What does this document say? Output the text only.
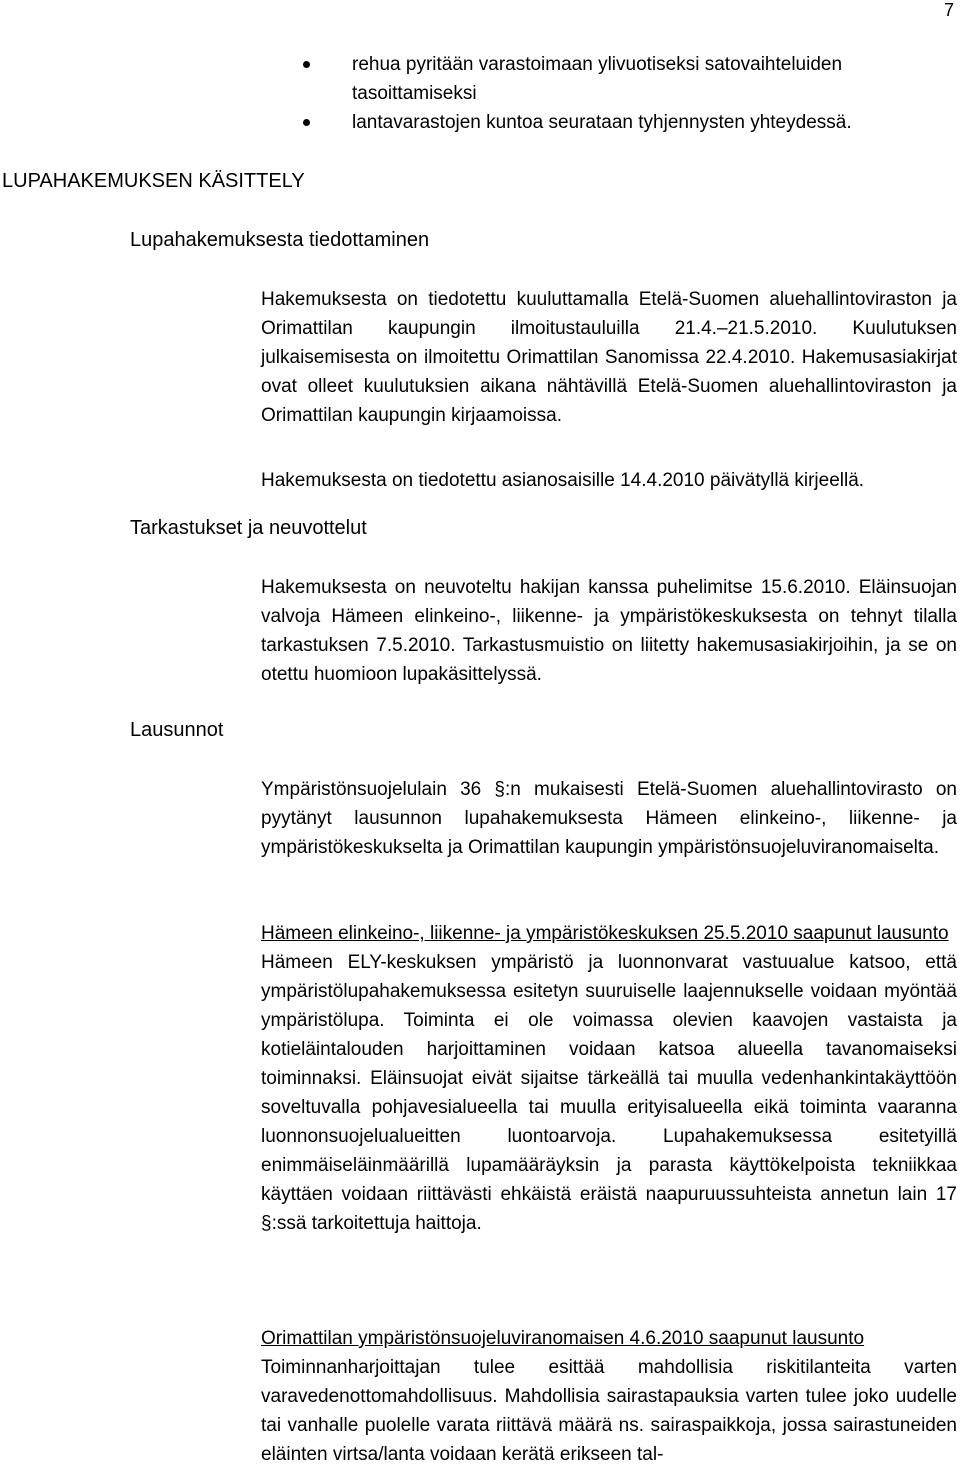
7
rehua pyritään varastoimaan ylivuotiseksi satovaihteluiden tasoittamiseksi
lantavarastojen kuntoa seurataan tyhjennysten yhteydessä.
LUPAHAKEMUKSEN KÄSITTELY
Lupahakemuksesta tiedottaminen

Hakemuksesta on tiedotettu kuuluttamalla Etelä-Suomen aluehallintoviraston ja Orimattilan kaupungin ilmoitustauluilla 21.4.–21.5.2010. Kuulutuksen julkaisemisesta on ilmoitettu Orimattilan Sanomissa 22.4.2010. Hakemusasiakirjat ovat olleet kuulutuksien aikana nähtävillä Etelä-Suomen aluehallintoviraston ja Orimattilan kaupungin kirjaamoissa.

Hakemuksesta on tiedotettu asianosaisille 14.4.2010 päivätyllä kirjeellä.

Tarkastukset ja neuvottelut

Hakemuksesta on neuvoteltu hakijan kanssa puhelimitse 15.6.2010. Eläinsuojan valvoja Hämeen elinkeino-, liikenne- ja ympäristökeskuksesta on tehnyt tilalla tarkastuksen 7.5.2010. Tarkastusmuistio on liitetty hakemusasiakirjoihin, ja se on otettu huomioon lupakäsittelyssä.

Lausunnot

Ympäristönsuojelulain 36 §:n mukaisesti Etelä-Suomen aluehallintovirasto on pyytänyt lausunnon lupahakemuksesta Hämeen elinkeino-, liikenne- ja ympäristökeskukselta ja Orimattilan kaupungin ympäristönsuojeluviranomaiselta.

Hämeen elinkeino-, liikenne- ja ympäristökeskuksen 25.5.2010 saapunut lausunto
Hämeen ELY-keskuksen ympäristö ja luonnonvarat vastuualue katsoo, että ympäristölupahakemuksessa esitetyn suuruiselle laajennukselle voidaan myöntää ympäristölupa. Toiminta ei ole voimassa olevien kaavojen vastaista ja kotieläintalouden harjoittaminen voidaan katsoa alueella tavanomaiseksi toiminnaksi. Eläinsuojat eivät sijaitse tärkeällä tai muulla vedenhankintakäyttöön soveltuvalla pohjavesialueella tai muulla erityisalueella eikä toiminta vaaranna luonnonsuojelualueitten luontoarvoja. Lupahakemuksessa esitetyillä enimmäiseläinmäärillä lupamääräyksin ja parasta käyttökelpoista tekniikkaa käyttäen voidaan riittävästi ehkäistä eräistä naapuruussuhteista annetun lain 17 §:ssä tarkoitettuja haittoja.

Orimattilan ympäristönsuojeluviranomaisen 4.6.2010 saapunut lausunto
Toiminnanharjoittajan tulee esittää mahdollisia riskitilanteita varten varavedenottomahdollisuus. Mahdollisia sairastapauksia varten tulee joko uudelle tai vanhalle puolelle varata riittävä määrä ns. sairaspaikkoja, jossa sairastuneiden eläinten virtsa/lanta voidaan kerätä erikseen tal-
